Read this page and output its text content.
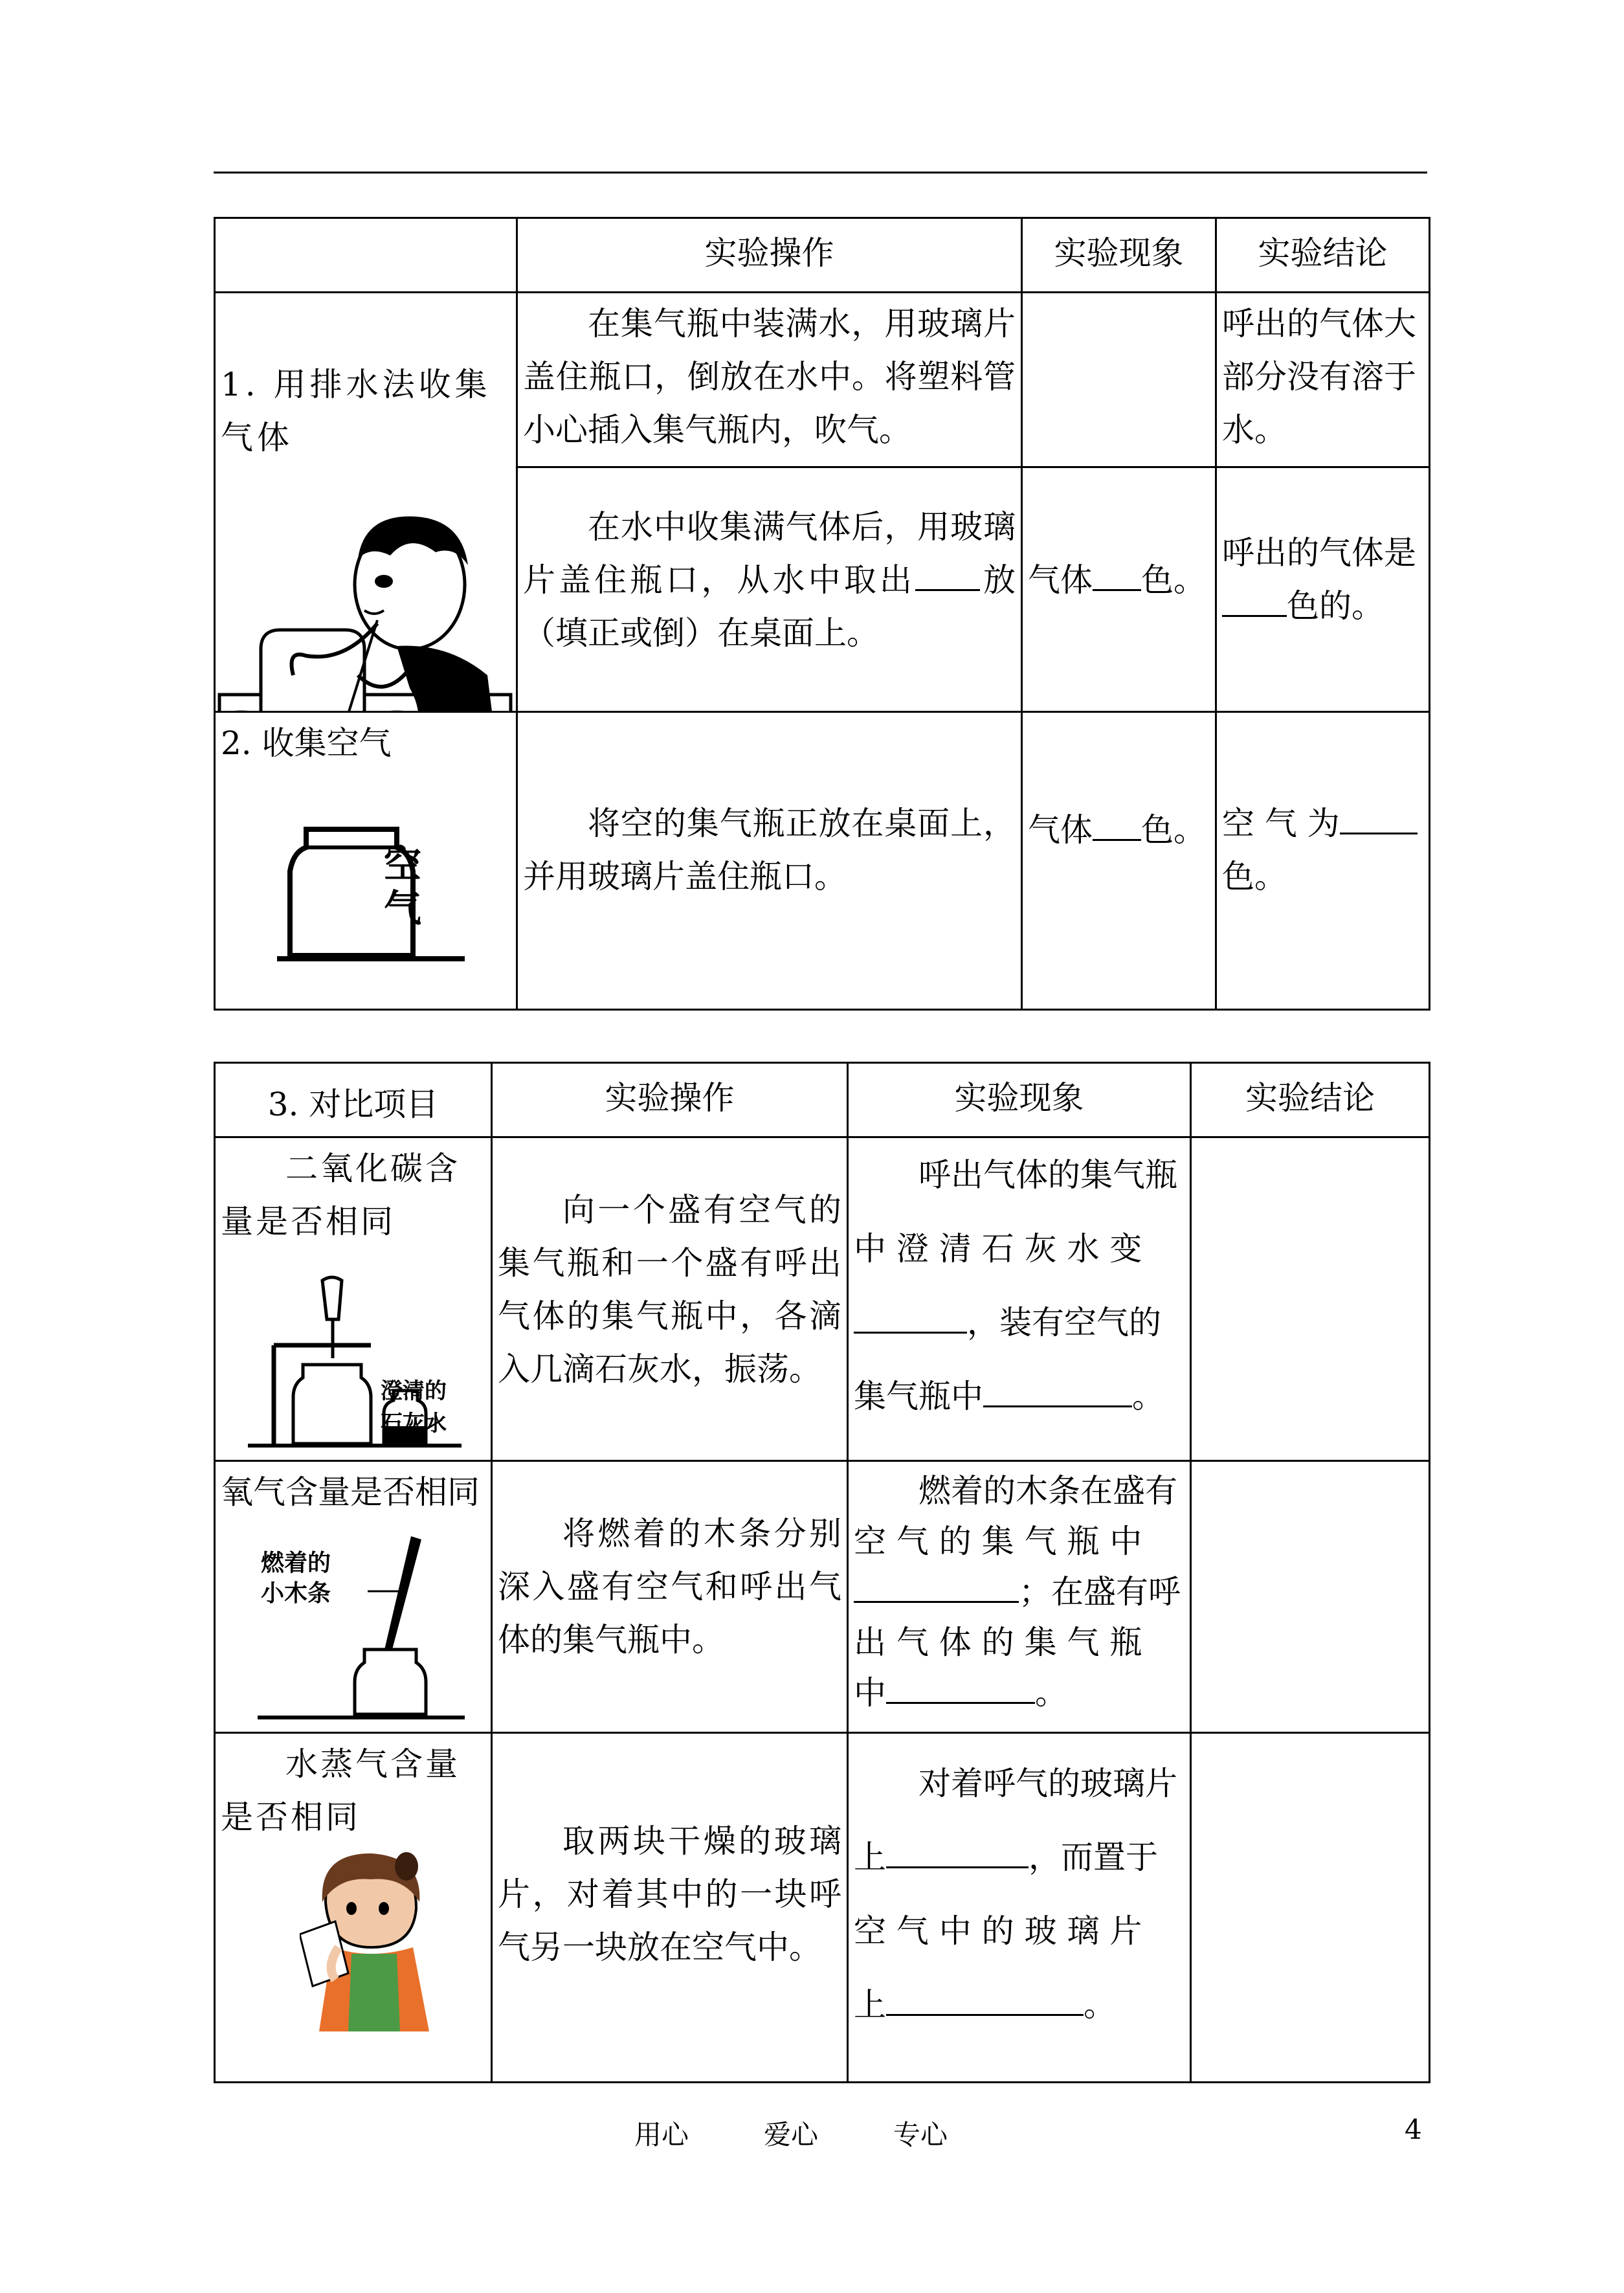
	实验操作	实验现象	实验结论

1. 用排水法收集气体	在集气瓶中装满水，用玻璃片盖住瓶口，倒放在水中。将塑料管小心插入集气瓶内，吹气。		呼出的气体大部分没有溶于水。
	在水中收集满气体后，用玻璃片盖住瓶口，从水中取出 放（填正或倒）在桌面上。	气体 色。	呼出的气体是色的。

2. 收集空气
空气	将空的集气瓶正放在桌面上，并用玻璃片盖住瓶口。	气体 色。	空 气 为色。
3. 对比项目	实验操作	实验现象	实验结论

二氧化碳含量是否相同
澄清的
石灰水	向一个盛有空气的集气瓶和一个盛有呼出气体的集气瓶中，各滴入几滴石灰水，振荡。	呼出气体的集气瓶 中 澄 清 石 灰 水 变，装有空气的集气瓶中 。	

氧气含量是否相同
燃着的
小木条	将燃着的木条分别深入盛有空气和呼出气体的集气瓶中。	燃着的木条在盛有 空 气 的 集 气 瓶 中；在盛有呼出 气 体 的 集 气 瓶 中 。	

水蒸气含量是否相同	取两块干燥的玻璃片，对着其中的一块呼气另一块放在空气中。	对着呼气的玻璃片上 ，而置于空 气 中 的 玻 璃 片 上 。	
用心	爱心	专心	4
